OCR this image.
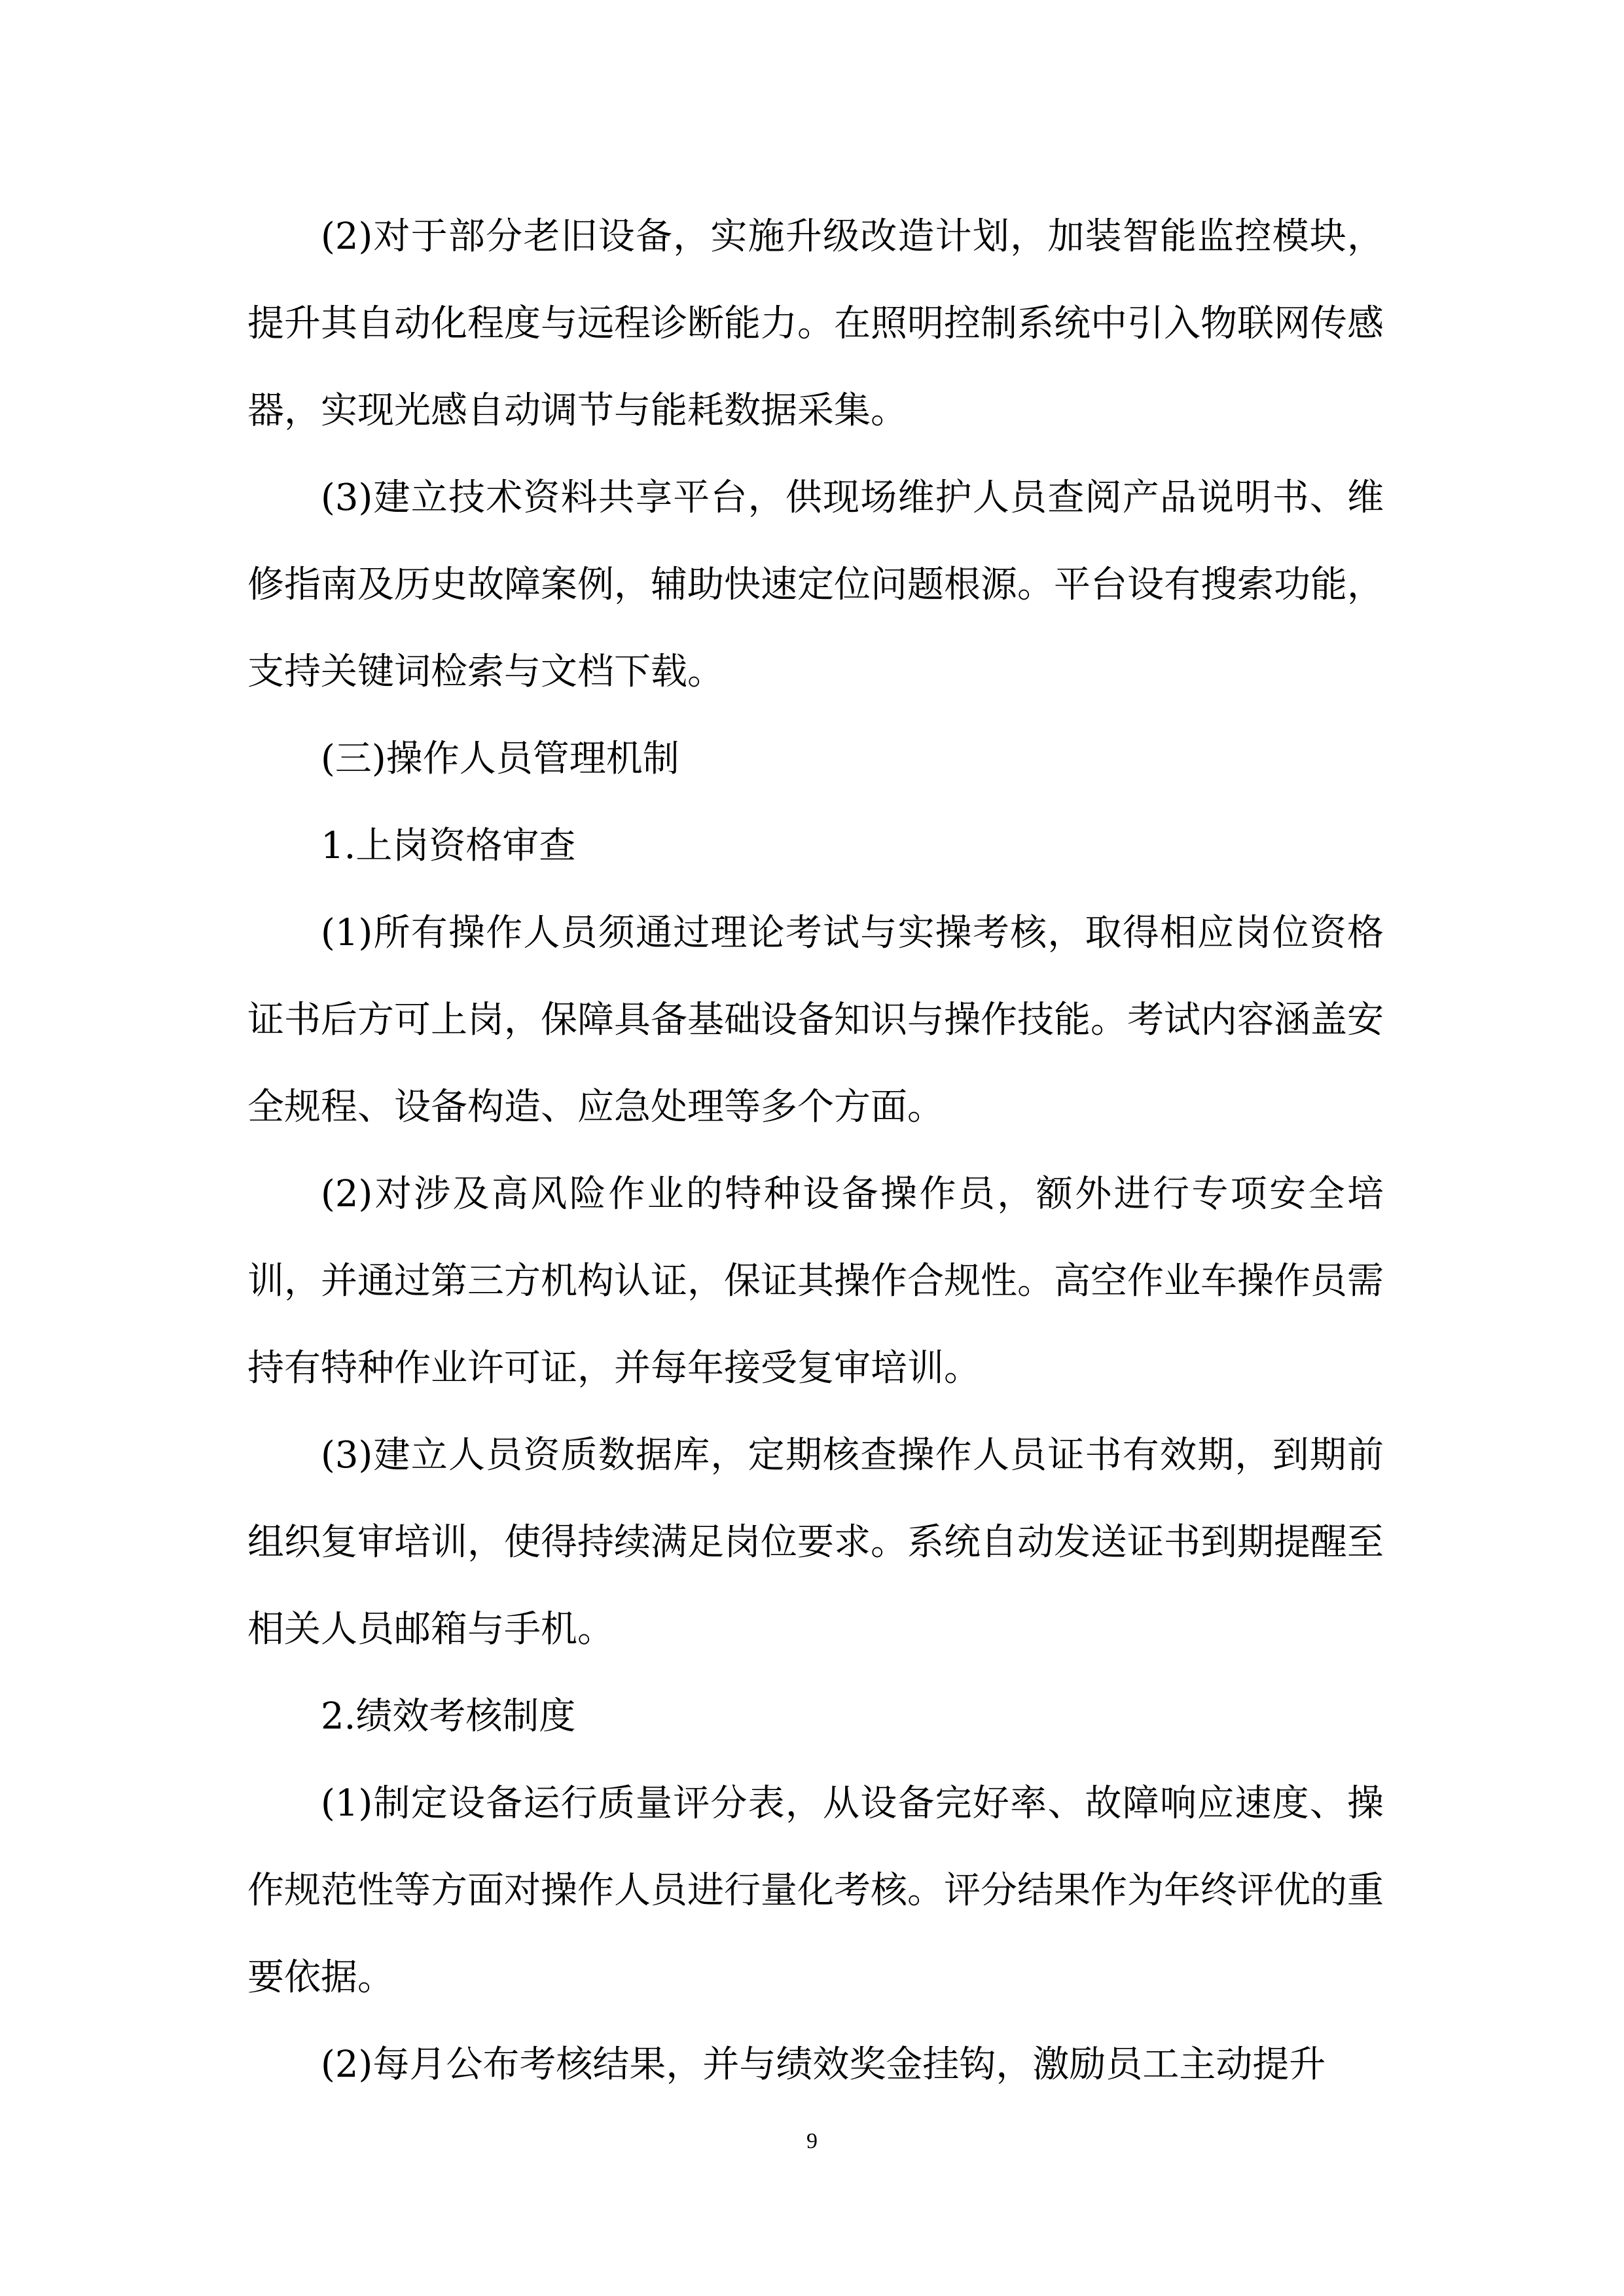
(2)对于部分老旧设备，实施升级改造计划，加装智能监控模块，提升其自动化程度与远程诊断能力。在照明控制系统中引入物联网传感器，实现光感自动调节与能耗数据采集。

(3)建立技术资料共享平台，供现场维护人员查阅产品说明书、维修指南及历史故障案例，辅助快速定位问题根源。平台设有搜索功能，支持关键词检索与文档下载。

(三)操作人员管理机制

1.上岗资格审查

(1)所有操作人员须通过理论考试与实操考核，取得相应岗位资格证书后方可上岗，保障具备基础设备知识与操作技能。考试内容涵盖安全规程、设备构造、应急处理等多个方面。

(2)对涉及高风险作业的特种设备操作员，额外进行专项安全培训，并通过第三方机构认证，保证其操作合规性。高空作业车操作员需持有特种作业许可证，并每年接受复审培训。

(3)建立人员资质数据库，定期核查操作人员证书有效期，到期前组织复审培训，使得持续满足岗位要求。系统自动发送证书到期提醒至相关人员邮箱与手机。

2.绩效考核制度

(1)制定设备运行质量评分表，从设备完好率、故障响应速度、操作规范性等方面对操作人员进行量化考核。评分结果作为年终评优的重要依据。

(2)每月公布考核结果，并与绩效奖金挂钩，激励员工主动提升

9
